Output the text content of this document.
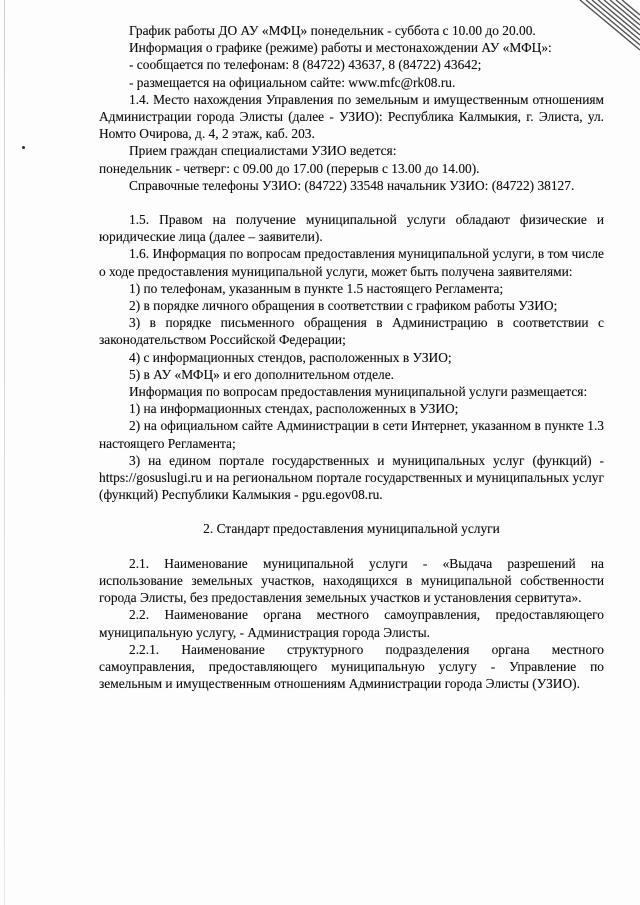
График работы ДО АУ «МФЦ» понедельник - суббота с 10.00 до 20.00.

Информация о графике (режиме) работы и местонахождении АУ «МФЦ»:

- сообщается по телефонам: 8 (84722) 43637, 8 (84722) 43642;

- размещается на официальном сайте: www.mfc@rk08.ru.

1.4. Место нахождения Управления по земельным и имущественным отношениям Администрации города Элисты (далее - УЗИО): Республика Калмыкия, г. Элиста, ул. Номто Очирова, д. 4, 2 этаж, каб. 203.

Прием граждан специалистами УЗИО ведется:

понедельник - четверг: с 09.00 до 17.00 (перерыв с 13.00 до 14.00).

Справочные телефоны УЗИО: (84722) 33548 начальник УЗИО: (84722) 38127.

1.5. Правом на получение муниципальной услуги обладают физические и юридические лица (далее – заявители).

1.6. Информация по вопросам предоставления муниципальной услуги, в том числе о ходе предоставления муниципальной услуги, может быть получена заявителями:

1) по телефонам, указанным в пункте 1.5 настоящего Регламента;

2) в порядке личного обращения в соответствии с графиком работы УЗИО;

3) в порядке письменного обращения в Администрацию в соответствии с законодательством Российской Федерации;

4) с информационных стендов, расположенных в УЗИО;

5) в АУ «МФЦ» и его дополнительном отделе.

Информация по вопросам предоставления муниципальной услуги размещается:

1) на информационных стендах, расположенных в УЗИО;

2) на официальном сайте Администрации в сети Интернет, указанном в пункте 1.3 настоящего Регламента;

3) на едином портале государственных и муниципальных услуг (функций) - https://gosuslugi.ru и на региональном портале государственных и муниципальных услуг (функций) Республики Калмыкия - pgu.egov08.ru.

2. Стандарт предоставления муниципальной услуги

2.1. Наименование муниципальной услуги - «Выдача разрешений на использование земельных участков, находящихся в муниципальной собственности города Элисты, без предоставления земельных участков и установления сервитута».

2.2. Наименование органа местного самоуправления, предоставляющего муниципальную услугу, - Администрация города Элисты.

2.2.1. Наименование структурного подразделения органа местного самоуправления, предоставляющего муниципальную услугу - Управление по земельным и имущественным отношениям Администрации города Элисты (УЗИО).
